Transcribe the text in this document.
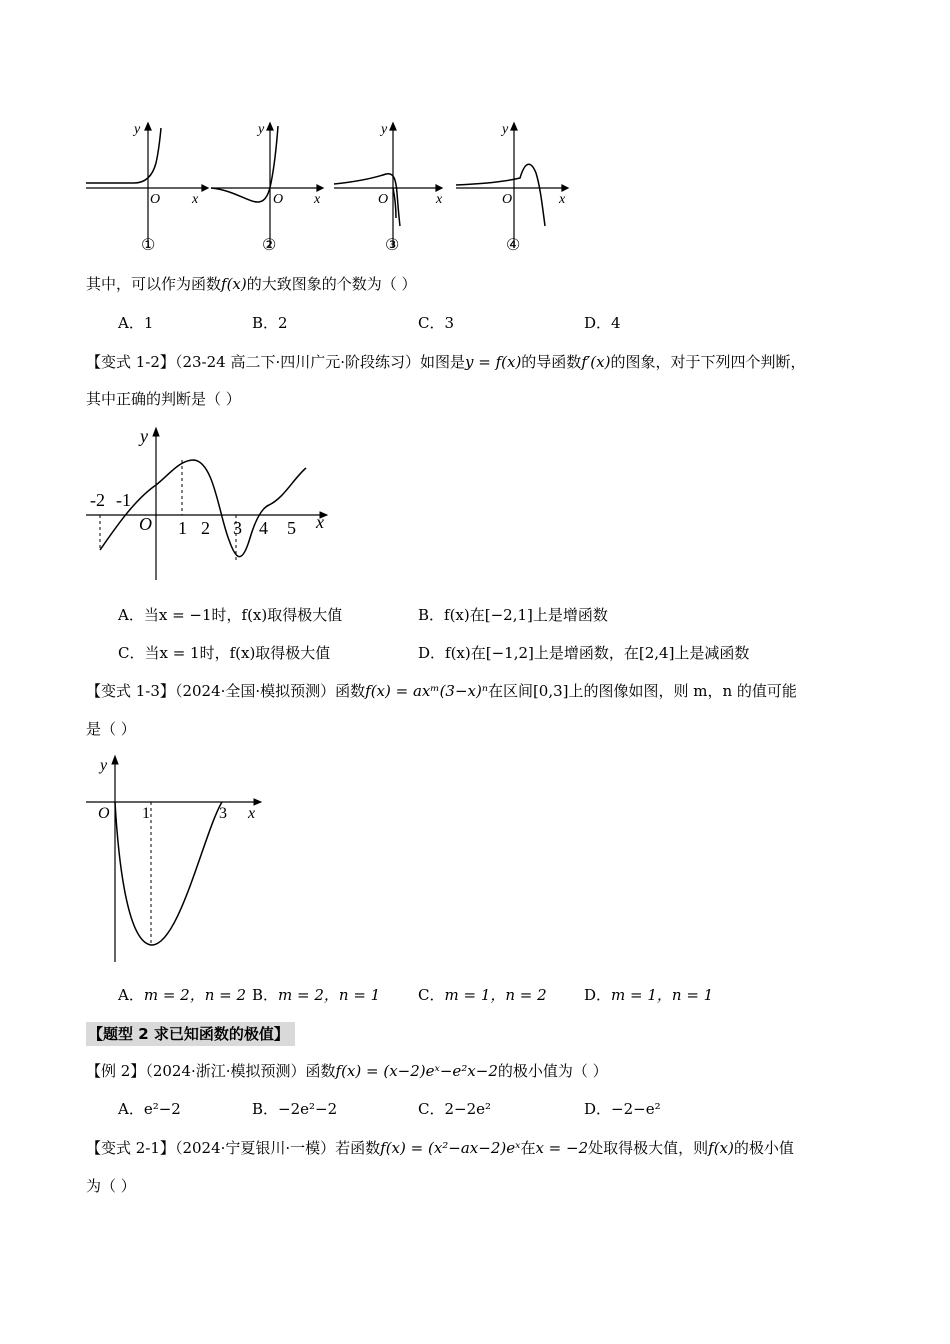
y
O x
①
y
O x
②
y
O	x
③
y
O	x
④
其中，可以作为函数f(x)的大致图象的个数为（ ）
A．1	B．2	C．3	D．4
【变式 1-2】（23-24 高二下·四川广元·阶段练习）如图是y = f(x)的导函数f′(x)的图象，对于下列四个判断，
其中正确的判断是（ ）
y
x
O
-2 -1
1 2 3 4 5
A．当x = −1时，f(x)取得极大值	B．f(x)在[−2,1]上是增函数
C．当x = 1时，f(x)取得极大值	D．f(x)在[−1,2]上是增函数，在[2,4]上是减函数
【变式 1-3】（2024·全国·模拟预测）函数f(x) = axᵐ(3−x)ⁿ在区间[0,3]上的图像如图，则 m，n 的值可能
是（ ）
y
O	x
1	3
A．m = 2，n = 2 B．m = 2，n = 1	C．m = 1，n = 2 D．m = 1，n = 1
【题型 2 求已知函数的极值】
【例 2】（2024·浙江·模拟预测）函数f(x) = (x−2)eˣ−e²x−2的极小值为（ ）
A．e²−2	B．−2e²−2	C．2−2e²	D．−2−e²
【变式 2-1】（2024·宁夏银川·一模）若函数f(x) = (x²−ax−2)eˣ在x = −2处取得极大值，则f(x)的极小值
为（ ）
